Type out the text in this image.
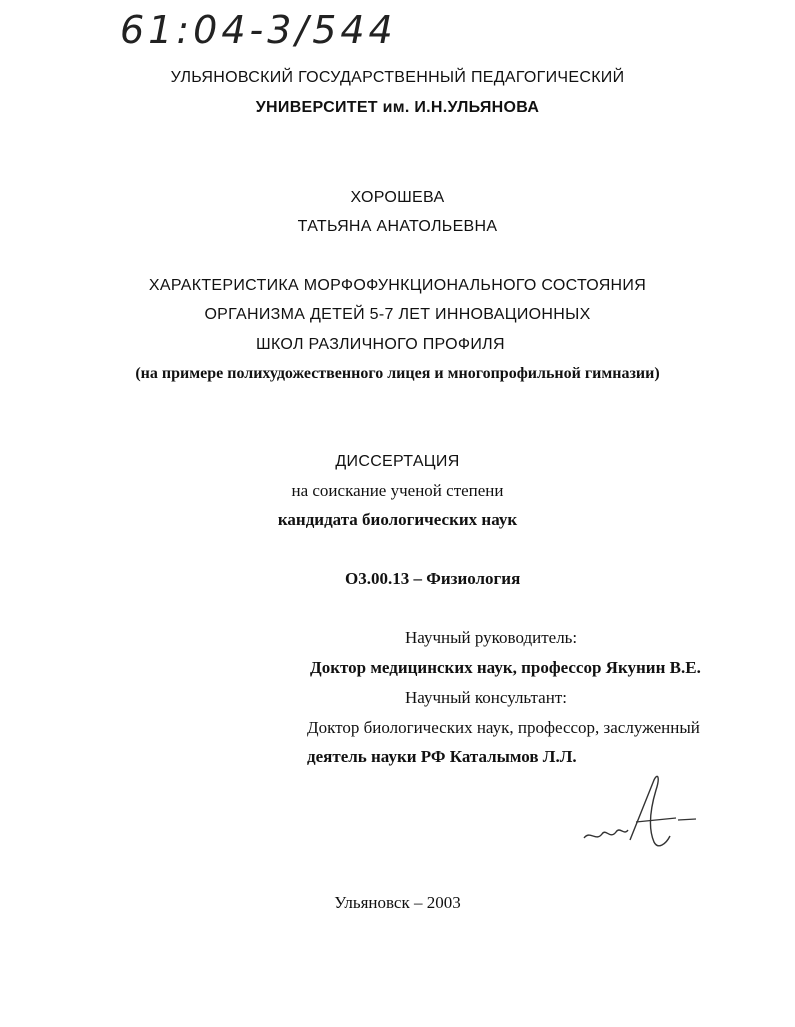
61:04-3/544
УЛЬЯНОВСКИЙ ГОСУДАРСТВЕННЫЙ ПЕДАГОГИЧЕСКИЙ
УНИВЕРСИТЕТ им. И.Н.УЛЬЯНОВА
ХОРОШЕВА
ТАТЬЯНА АНАТОЛЬЕВНА
ХАРАКТЕРИСТИКА МОРФОФУНКЦИОНАЛЬНОГО СОСТОЯНИЯ
ОРГАНИЗМА ДЕТЕЙ 5-7 ЛЕТ ИННОВАЦИОННЫХ
ШКОЛ РАЗЛИЧНОГО ПРОФИЛЯ
(на примере полихудожественного лицея и многопрофильной гимназии)
ДИССЕРТАЦИЯ
на соискание ученой степени
кандидата биологических наук
О3.00.13 – Физиология
Научный руководитель:
Доктор медицинских наук, профессор Якунин В.Е.
Научный консультант:
Доктор биологических наук, профессор, заслуженный
деятель науки РФ Каталымов Л.Л.
Ульяновск – 2003
